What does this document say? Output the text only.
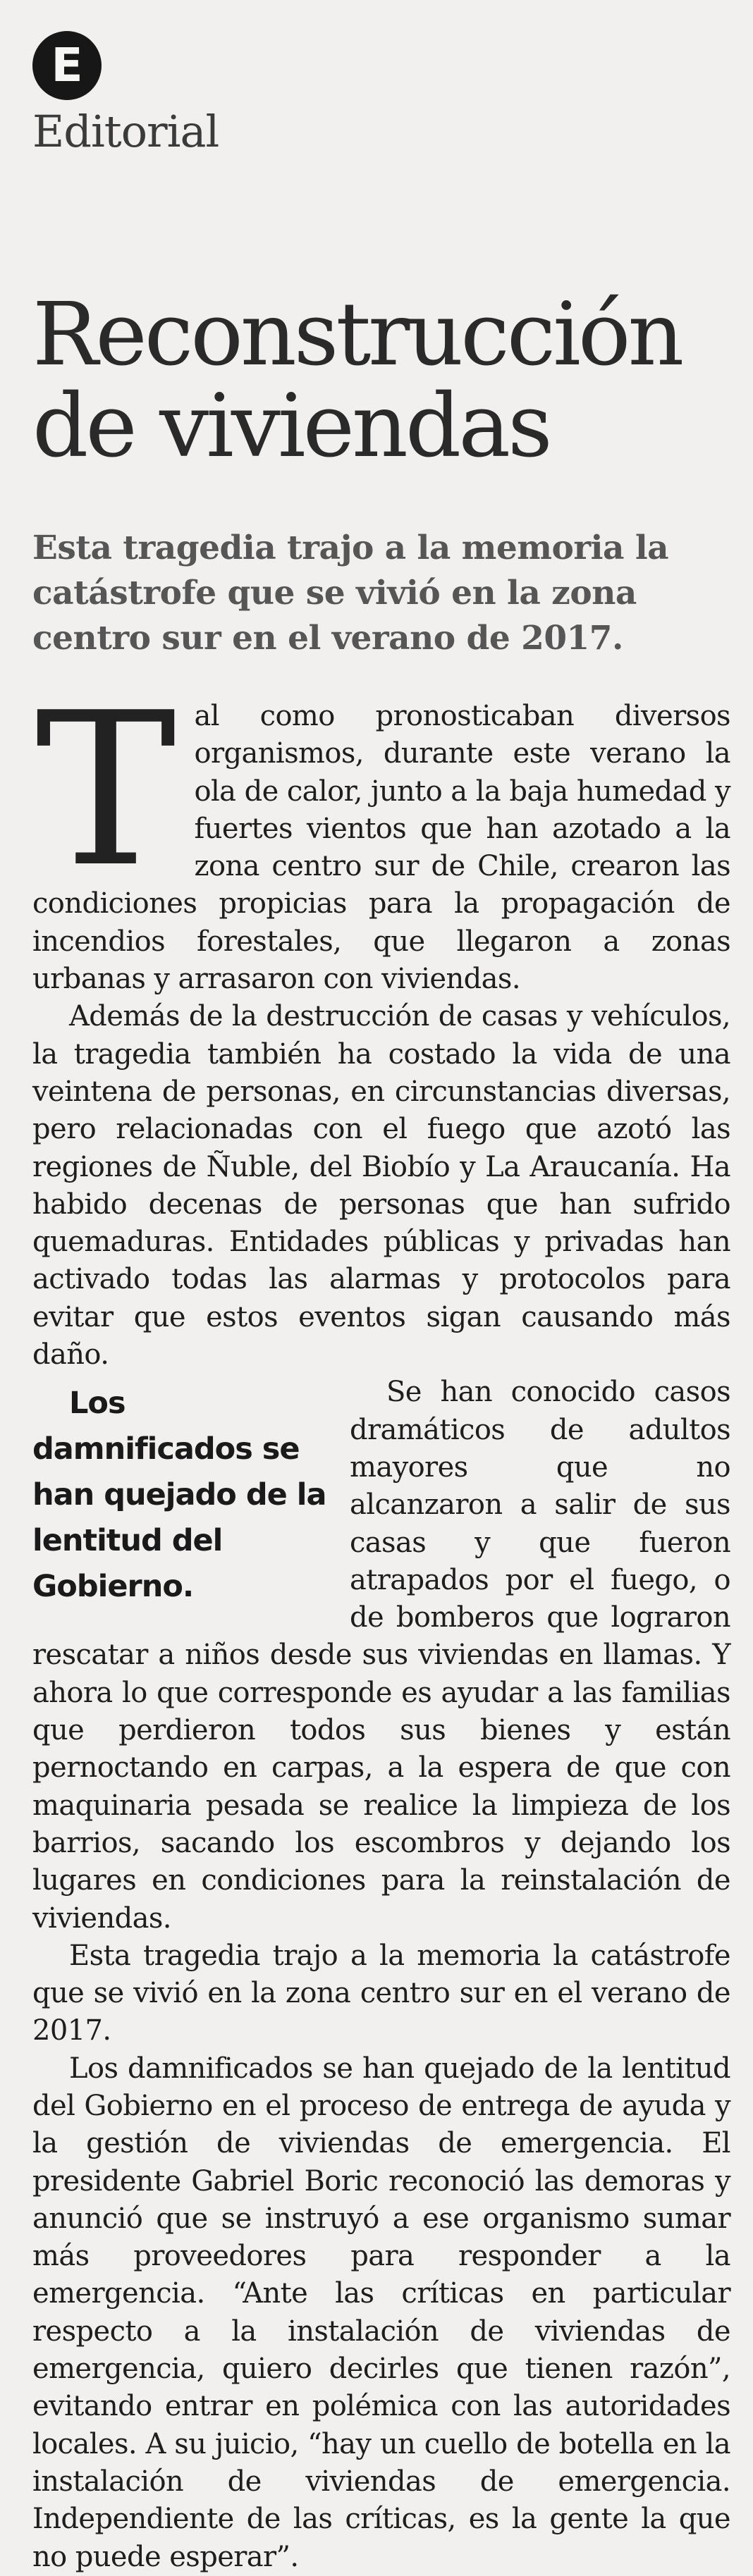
E
Editorial
Reconstrucción de viviendas
Esta tragedia trajo a la memoria la catástrofe que se vivió en la zona centro sur en el verano de 2017.

Tal como pronosticaban diversos organismos, durante este verano la ola de calor, junto a la baja humedad y fuertes vientos que han azotado a la zona centro sur de Chile, crearon las condiciones propicias para la propagación de incendios forestales, que llegaron a zonas urbanas y arrasaron con viviendas.

Además de la destrucción de casas y vehículos, la tragedia también ha costado la vida de una veintena de personas, en circunstancias diversas, pero relacionadas con el fuego que azotó las regiones de Ñuble, del Biobío y La Araucanía. Ha habido decenas de personas que han sufrido quemaduras. Entidades públicas y privadas han activado todas las alarmas y protocolos para evitar que estos eventos sigan causando más daño.

Los damnificados se han quejado de la lentitud del Gobierno.
Se han conocido casos dramáticos de adultos mayores que no alcanzaron a salir de sus casas y que fueron atrapados por el fuego, o de bomberos que lograron rescatar a niños desde sus viviendas en llamas. Y ahora lo que corresponde es ayudar a las familias que perdieron todos sus bienes y están pernoctando en carpas, a la espera de que con maquinaria pesada se realice la limpieza de los barrios, sacando los escombros y dejando los lugares en condiciones para la reinstalación de viviendas.

Esta tragedia trajo a la memoria la catástrofe que se vivió en la zona centro sur en el verano de 2017.

Los damnificados se han quejado de la lentitud del Gobierno en el proceso de entrega de ayuda y la gestión de viviendas de emergencia. El presidente Gabriel Boric reconoció las demoras y anunció que se instruyó a ese organismo sumar más proveedores para responder a la emergencia. “Ante las críticas en particular respecto a la instalación de viviendas de emergencia, quiero decirles que tienen razón”, evitando entrar en polémica con las autoridades locales. A su juicio, “hay un cuello de botella en la instalación de viviendas de emergencia. Independiente de las críticas, es la gente la que no puede esperar”.
